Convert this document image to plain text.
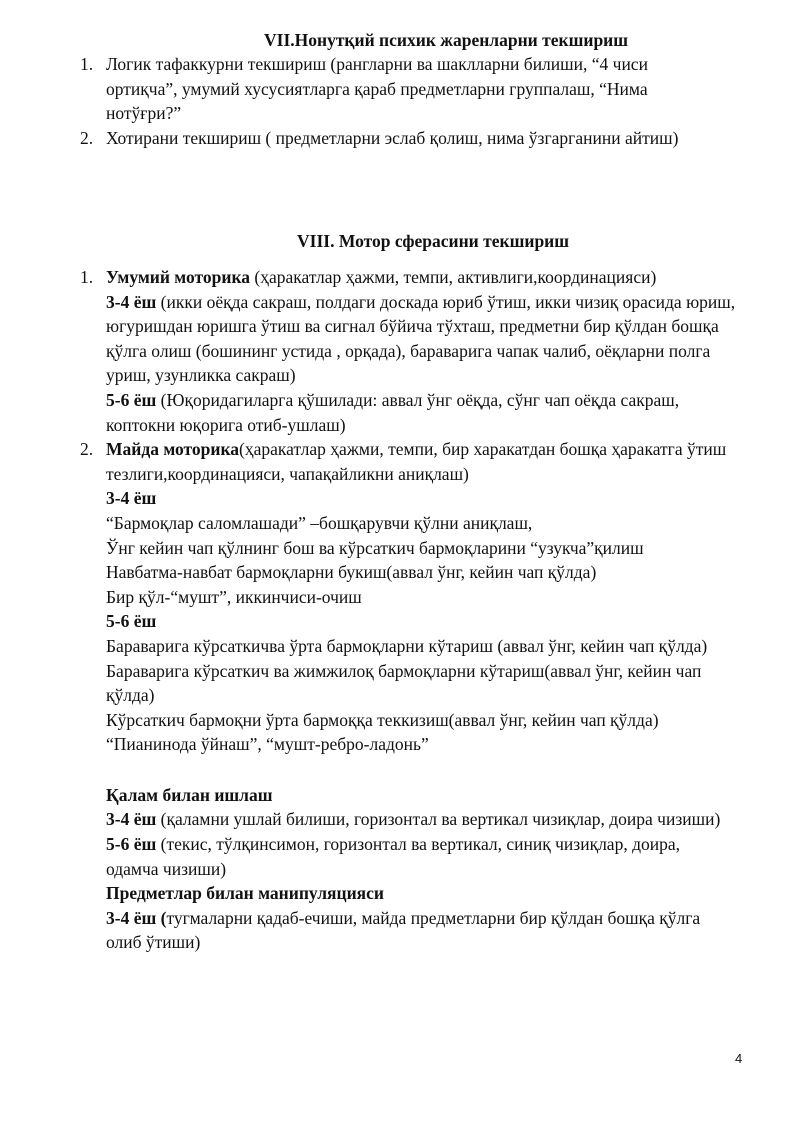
VII.Нонутқий психик жаренларни текшириш
1. Логик тафаккурни текшириш (рангларни ва шаклларни билиши, “4 чиси
ортиқча”, умумий хусусиятларга қараб предметларни группалаш, “Нима
нотўғри?”
2. Хотирани текшириш ( предметларни эслаб қолиш, нима ўзгарганини айтиш)
VIII. Мотор сферасини текшириш
1. Умумий моторика (ҳаракатлар ҳажми, темпи, активлиги,координацияси)
3-4 ёш (икки оёқда сакраш, полдаги доскада юриб ўтиш, икки чизиқ орасида юриш, югуришдан юришга ўтиш ва сигнал бўйича тўхташ, предметни бир қўлдан бошқа қўлга олиш (бошининг устида , орқада), бараварига чапак чалиб, оёқларни полга уриш, узунликка сакраш)
5-6 ёш (Юқоридагиларга қўшилади: аввал ўнг оёқда, сўнг чап оёқда сакраш, коптокни юқорига отиб-ушлаш)
2. Майда моторика(ҳаракатлар ҳажми, темпи, бир харакатдан бошқа ҳаракатга ўтиш тезлиги,координацияси, чапақайликни аниқлаш)
3-4 ёш
“Бармоқлар саломлашади” –бошқарувчи қўлни аниқлаш,
Ўнг кейин чап қўлнинг бош ва кўрсаткич бармоқларини “узукча”қилиш
Навбатма-навбат бармоқларни букиш(аввал ўнг, кейин чап қўлда)
Бир қўл-“мушт”, иккинчиси-очиш
5-6 ёш
Бараварига кўрсаткичва ўрта бармоқларни кўтариш (аввал ўнг, кейин чап қўлда)
Бараварига кўрсаткич ва жимжилоқ бармоқларни кўтариш(аввал ўнг, кейин чап қўлда)
Кўрсаткич бармоқни ўрта бармоққа теккизиш(аввал ўнг, кейин чап қўлда)
“Пианинода ўйнаш”, “мушт-ребро-ладонь”
Қалам билан ишлаш
3-4 ёш (қаламни ушлай билиши, горизонтал ва вертикал чизиқлар, доира чизиши)
5-6 ёш (текис, тўлқинсимон, горизонтал ва вертикал, синиқ чизиқлар, доира, одамча чизиши)
Предметлар билан манипуляцияси
3-4 ёш (тугмаларни қадаб-ечиши, майда предметларни бир қўлдан бошқа қўлга олиб ўтиши)
4
